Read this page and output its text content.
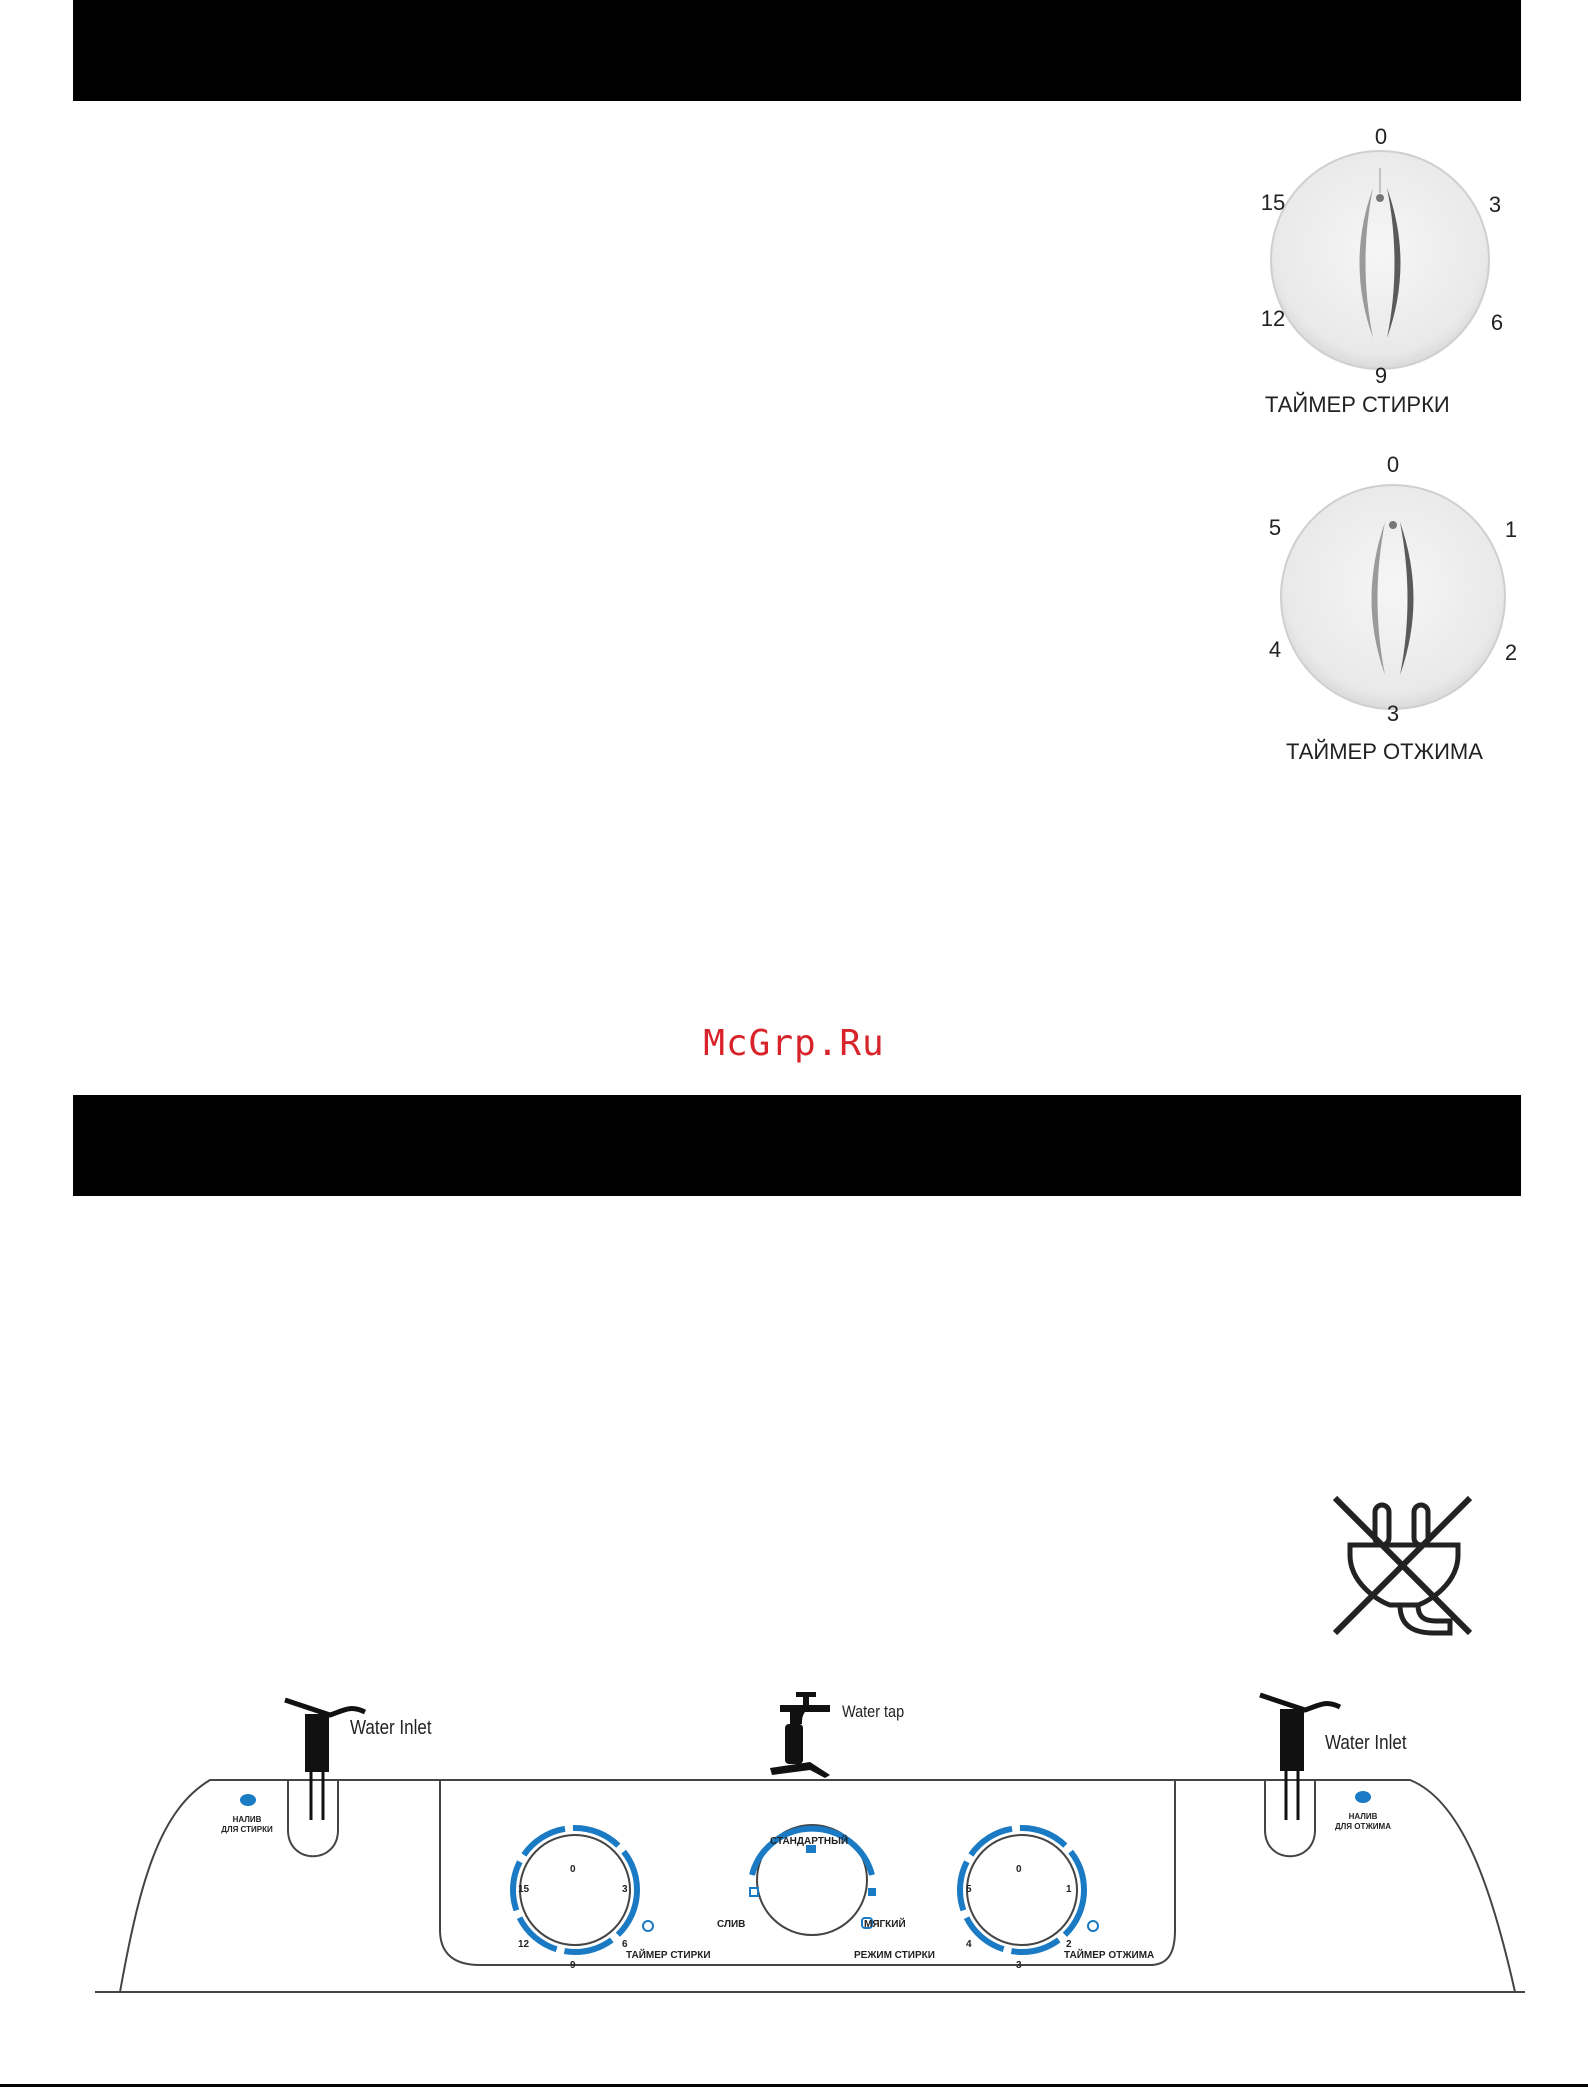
0
3
6
9
12
15
ТАЙМЕР СТИРКИ
0
1
2
3
4
5
ТАЙМЕР ОТЖИМА
McGrp.Ru
Water Inlet
Water Inlet
Water tap
НАЛИВ
ДЛЯ СТИРКИ
НАЛИВ
ДЛЯ ОТЖИМА
0
3
6
9
12
15
ТАЙМЕР СТИРКИ
СТАНДАРТНЫЙ
СЛИВ	МЯГКИЙ
РЕЖИМ СТИРКИ
0
1
2
3
4
5
ТАЙМЕР ОТЖИМА
